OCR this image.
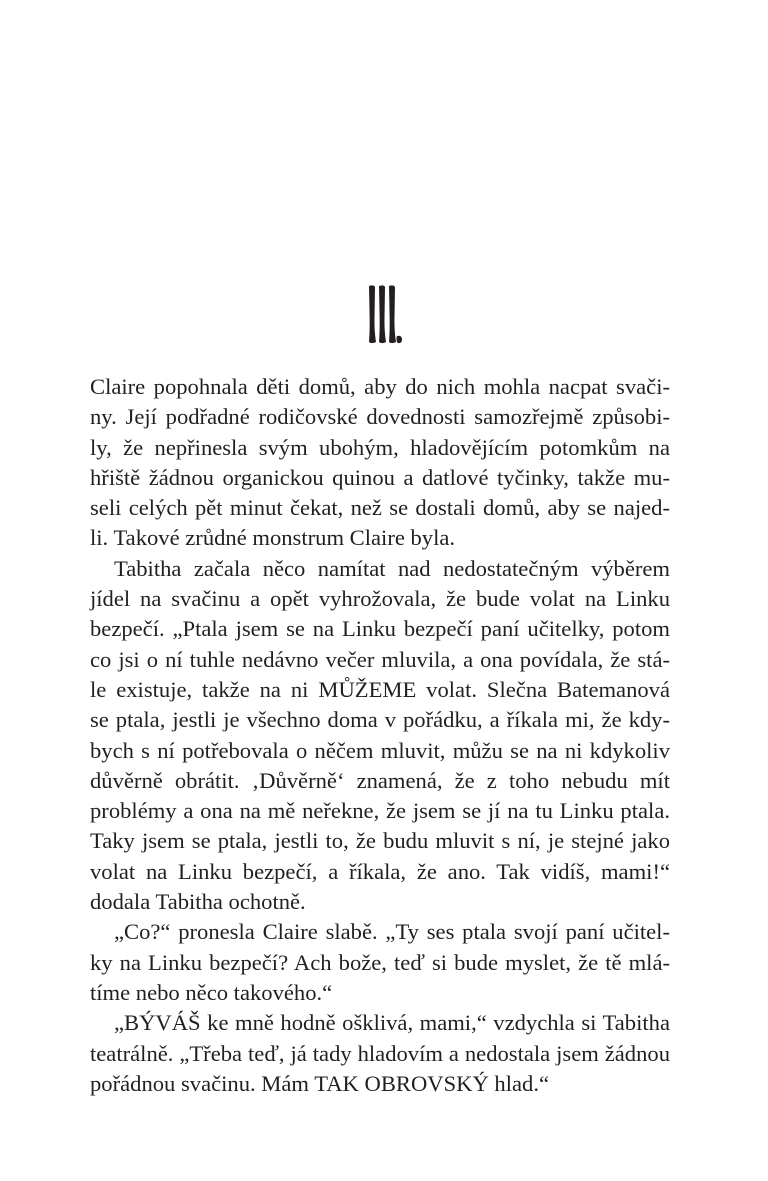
Claire popohnala děti domů, aby do nich mohla nacpat svači-
ny. Její podřadné rodičovské dovednosti samozřejmě způsobi-
ly, že nepřinesla svým ubohým, hladovějícím potomkům na
hřiště žádnou organickou quinou a datlové tyčinky, takže mu-
seli celých pět minut čekat, než se dostali domů, aby se najed-
li. Takové zrůdné monstrum Claire byla.

Tabitha začala něco namítat nad nedostatečným výběrem
jídel na svačinu a opět vyhrožovala, že bude volat na Linku
bezpečí. „Ptala jsem se na Linku bezpečí paní učitelky, potom
co jsi o ní tuhle nedávno večer mluvila, a ona povídala, že stá-
le existuje, takže na ni MŮŽEME volat. Slečna Batemanová
se ptala, jestli je všechno doma v pořádku, a říkala mi, že kdy-
bych s ní potřebovala o něčem mluvit, můžu se na ni kdykoliv
důvěrně obrátit. ‚Důvěrně‘ znamená, že z toho nebudu mít
problémy a ona na mě neřekne, že jsem se jí na tu Linku ptala.
Taky jsem se ptala, jestli to, že budu mluvit s ní, je stejné jako
volat na Linku bezpečí, a říkala, že ano. Tak vidíš, mami!“
dodala Tabitha ochotně.

„Co?“ pronesla Claire slabě. „Ty ses ptala svojí paní učitel-
ky na Linku bezpečí? Ach bože, teď si bude myslet, že tě mlá-
tíme nebo něco takového.“

„BÝVÁŠ ke mně hodně ošklivá, mami,“ vzdychla si Tabitha
teatrálně. „Třeba teď, já tady hladovím a nedostala jsem žádnou
pořádnou svačinu. Mám TAK OBROVSKÝ hlad.“
